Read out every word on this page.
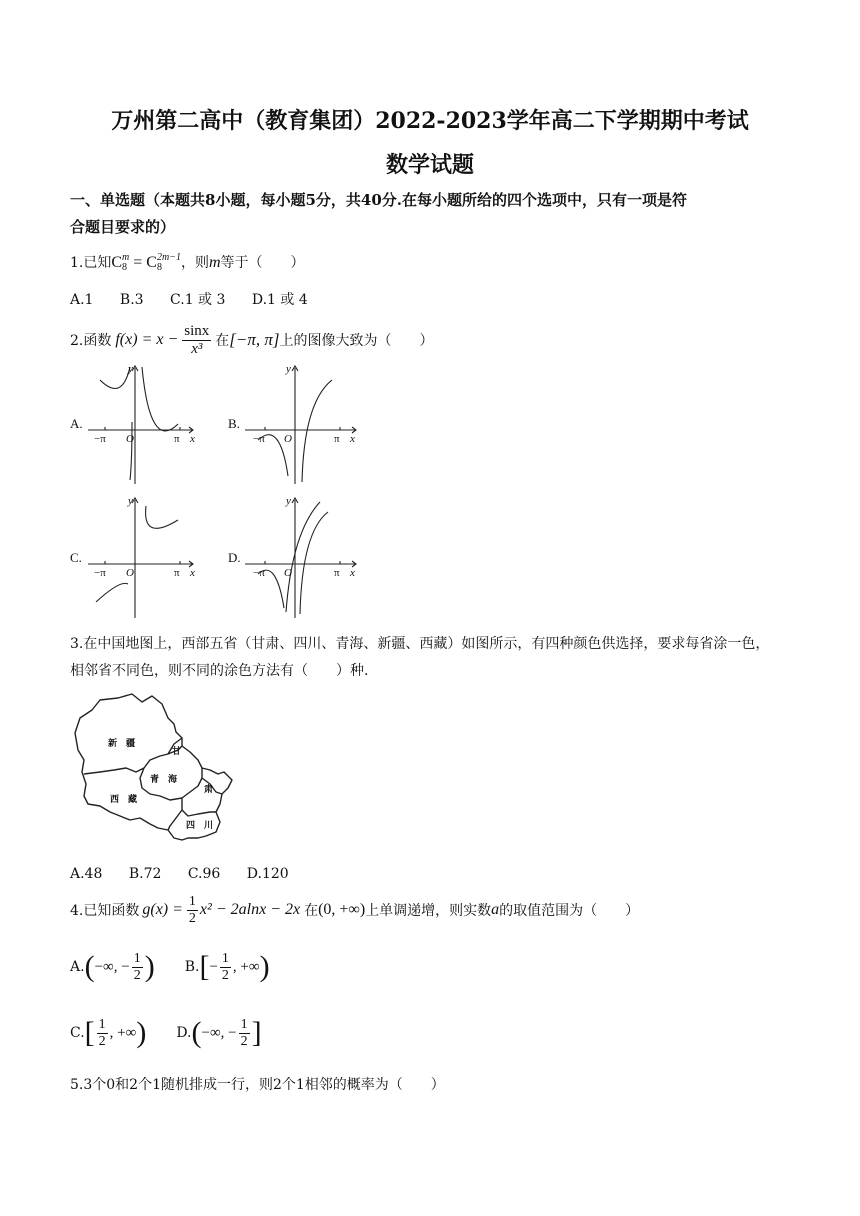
万州第二高中（教育集团）2022-2023学年高二下学期期中考试
数学试题
一、单选题（本题共8小题，每小题5分，共40分.在每小题所给的四个选项中，只有一项是符
合题目要求的）
1.已知C m
8 = C 2m−1
8	，则m等于（　　）
A.1 B.3 C.1 或 3 D.1 或 4
2.函数 $f(x) = x - \frac{\sin x}{\text{x³}}$ 在 [−π, π] 上的图像大致为（　　）
A.	B.
C.	D.
y
x
O
−π	π
y
x
O
−π	π
y
x
O
−π	π
y
x
O
−π	π
3.在中国地图上，西部五省（甘肃、四川、青海、新疆、西藏）如图所示，有四种颜色供选择，要求每省涂一色，
相邻省不同色，则不同的涂色方法有（　　）种.
新　疆
甘
肃
青　海
西　藏
四　川
A.48 B.72 C.96 D.120
4.已知函数 $g(x) = \frac{1}{2} x^2 - 2alnx - 2x$ 在 (0, +∞) 上单调递增，则实数 a 的取值范围为（　　）
A. ( −∞, − $\frac{1}{2}$ ) B. [ − $\frac{1}{2}$ , +∞ )
C. [ $\frac{1}{2}$ , +∞ ) D. ( −∞, − $\frac{1}{2}$ ]
5.3个0和2个1随机排成一行，则2个1相邻的概率为（　　）
